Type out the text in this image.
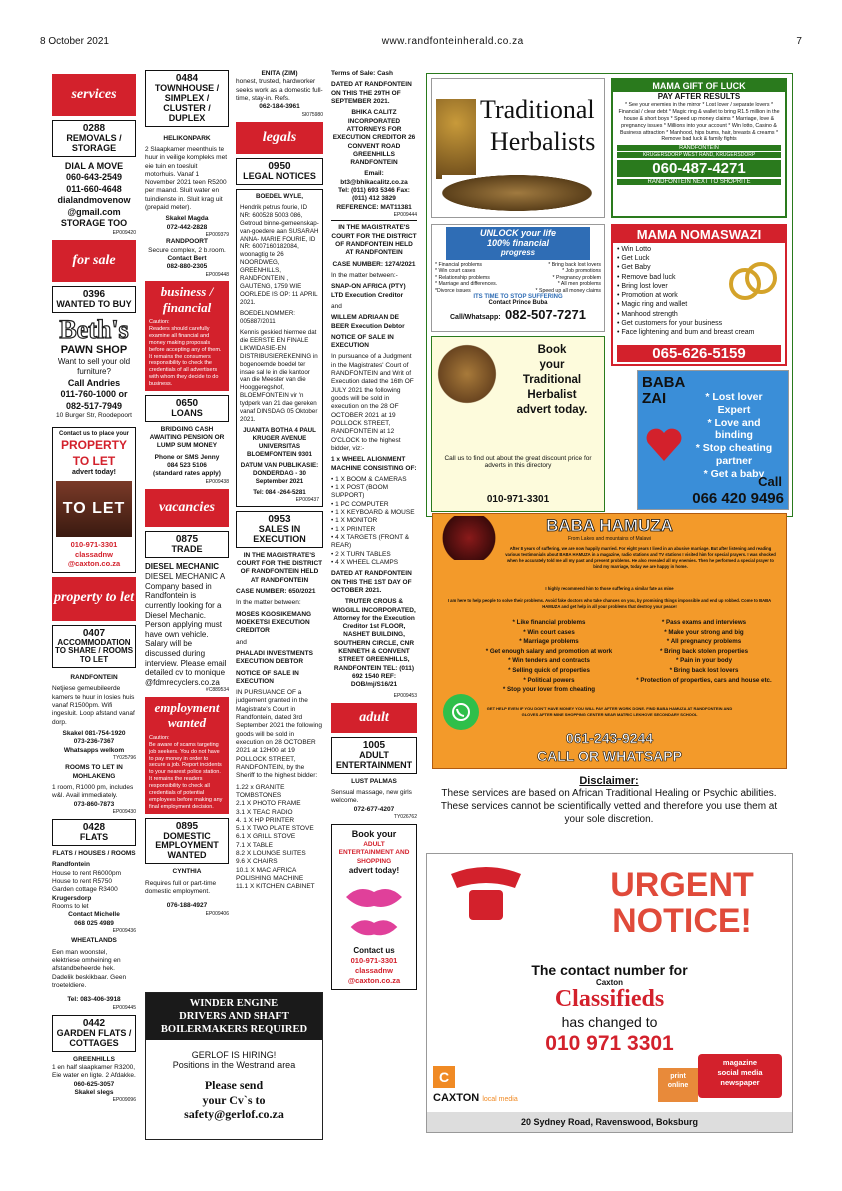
8 October 2021	www.randfonteinherald.co.za	7
services
0288
REMOVALS / STORAGE
DIAL A MOVE
060-643-2549
011-660-4648
dialandmovenow
@gmail.com
STORAGE TOO
EP009420
for sale
0396
WANTED TO BUY
Beth's
PAWN SHOP
Want to sell your old
furniture?
Call Andries
011-760-1000 or
082-517-7949
10 Burger Str, Roodepoort
Contact us to place your
PROPERTY
TO LET
advert today!
TO LET
010-971-3301
classadnw
@caxton.co.za
property to let
0407
ACCOMMODATION TO SHARE / ROOMS TO LET
RANDFONTEIN
Netjiese gemeubileerde kamers te huur in losies huis vanaf R1500pm. Wifi ingesluit. Loop afstand vanaf dorp.
Skakel 081-754-1920
073-236-7367
Whatsapps welkom
TY025796
ROOMS TO LET IN MOHLAKENG
1 room, R1000 pm, includes w&l. Avail immediately.
073-860-7873
EP009430
0428
FLATS
FLATS / HOUSES / ROOMS
Randfontein
House to rent R6000pm
House to rent R5750
Garden cottage R3400
Krugersdorp
Rooms to let
Contact Michelle
068 025 4989
EP009436
WHEATLANDS
Een man woonstel, elektriese omheining en afstandbeheerde hek. Dadelik beskikbaar. Geen troeteldiere.
Tel: 083-406-3918
EP009445
0442
GARDEN FLATS / COTTAGES
GREENHILLS
1 en half slaapkamer R3200, Eie water en ligte. 2 Afdakke.
060-625-3057
Skakel slegs
EP009096
0484
TOWNHOUSE / SIMPLEX / CLUSTER / DUPLEX
HELIKONPARK
2 Slaapkamer meenthuis te huur in veilige kompleks met eie tuin en toesluit motorhuis. Vanaf 1 November 2021 teen R5200 per maand. Sluit water en tuindienste in. Sluit krag uit (prepaid meter).
Skakel Magda
072-442-2828
EP009379
RANDPOORT
Secure complex, 2 b.room.
Contact Bert
082-880-2305
EP009448
business / financial
Caution:
Readers should carefully examine all financial and money making proposals before accepting any of them. It remains the consumers responsibility to check the credentials of all advertisers with whom they decide to do business.
0650
LOANS
BRIDGING CASH AWAITING PENSION OR LUMP SUM MONEY
Phone or SMS Jenny
084 523 5106
(standard rates apply)
EP009438
vacancies
0875
TRADE
DIESEL MECHANIC
DIESEL MECHANIC A Company based in Randfontein is currently looking for a Diesel Mechanic. Person applying must have own vehicle. Salary will be discussed during interview. Please email detailed cv to monique @fdmrecyclers.co.za
#C889534
employment wanted
Caution:
Be aware of scams targeting job seekers. You do not have to pay money in order to secure a job. Report incidents to your nearest police station. It remains the readers responsibility to check all credentials of potential employees before making any final employment decision.
0895
DOMESTIC EMPLOYMENT WANTED
CYNTHIA
Requires full or part-time domestic employment.
076-188-4927
EP009406
ENITA (ZIM)
honest, trusted, hardworker seeks work as a domestic full-time, stay-in. Refs.
062-184-3961
SI075980
legals
0950
LEGAL NOTICES
BOEDEL WYLE,
Hendrik petrus fourie, ID NR: 600528 5003 086, Getroud binne-gemeenskap-van-goedere aan SUSARAH ANNA- MARIE FOURIE, ID NR: 6007160182084, woonagtig te 26 NOORDWEG, GREENHILLS, RANDFONTEIN , GAUTENG, 1759 WIE OORLEDE IS OP: 11 APRIL 2021.
BOEDELNOMMER: 005887/2011
Kennis geskied hiermee dat die EERSTE EN FINALE LIKWIDASIE-EN DISTRIBUSIEREKENING in bogenoemde boedel ter insae sal le in die kantoor van die Meester van die Hooggeregshof, BLOEMFONTEIN vir 'n tydperk van 21 dae gereken vanaf DINSDAG 05 Oktober 2021.
JUANITA BOTHA 4 PAUL KRUGER AVENUE UNIVERSITAS BLOEMFONTEIN 9301
DATUM VAN PUBLIKASIE: DONDERDAG - 30 September 2021
Tel: 084 -264-5281
EP009437
0953
SALES IN EXECUTION
IN THE MAGISTRATE'S COURT FOR THE DISTRICT OF RANDFONTEIN HELD AT RANDFONTEIN
CASE NUMBER: 650/2021
In the matter between:
MOSES KGOSIKEMANG MOEKETSI EXECUTION CREDITOR
and
PHALADI INVESTMENTS EXECUTION DEBTOR
NOTICE OF SALE IN EXECUTION
IN PURSUANCE OF a judgement granted in the Magistrate's Court in Randfontein, dated 3rd September 2021 the following goods will be sold in execution on 28 OCTOBER 2021 at 12H00 at 19 POLLOCK STREET, RANDFONTEIN, by the Sheriff to the highest bidder:
1.22 x GRANITE TOMBSTONES
2.1 X PHOTO FRAME
3.1 X TEAC RADIO
4. 1 X HP PRINTER
5.1 X TWO PLATE STOVE
6.1 X GRILL STOVE
7.1 X TABLE
8.2 X LOUNGE SUITES
9.6 X CHAIRS
10.1 X MAC AFRICA POLISHING MACHINE
11.1 X KITCHEN CABINET
Terms of Sale: Cash
DATED AT RANDFONTEIN ON THIS THE 29TH OF SEPTEMBER 2021.
BHIKA CALITZ INCORPORATED ATTORNEYS FOR EXECUTION CREDITOR 26 CONVENT ROAD GREENHILLS RANDFONTEIN
Email: bt3@bhikacalitz.co.za
Tel: (011) 693 5346 Fax: (011) 412 3829
REFERENCE: MAT11381
EP009444
IN THE MAGISTRATE'S COURT FOR THE DISTRICT OF RANDFONTEIN HELD AT RANDFONTEIN
CASE NUMBER: 1274/2021
In the matter between:-
SNAP-ON AFRICA (PTY) LTD Execution Creditor
and
WILLEM ADRIAAN DE BEER Execution Debtor
NOTICE OF SALE IN EXECUTION
In pursuance of a Judgment in the Magistrates' Court of RANDFONTEIN and Writ of Execution dated the 16th OF JULY 2021 the following goods will be sold in execution on the 28 OF OCTOBER 2021 at 19 POLLOCK STREET, RANDFONTEIN at 12 O'CLOCK to the highest bidder, viz:-
1 x WHEEL ALIGNMENT MACHINE CONSISTING OF:
• 1 X BOOM & CAMERAS
• 1 X POST (BOOM SUPPORT)
• 1 PC COMPUTER
• 1 X KEYBOARD & MOUSE
• 1 X MONITOR
• 1 X PRINTER
• 4 X TARGETS (FRONT & REAR)
• 2 X TURN TABLES
• 4 X WHEEL CLAMPS
DATED AT RANDFONTEIN ON THIS THE 1ST DAY OF OCTOBER 2021.
TRUTER CROUS & WIGGILL INCORPORATED, Attorney for the Execution Creditor 1st FLOOR, NASHET BUILDING, SOUTHERN CIRCLE, CNR KENNETH & CONVENT STREET GREENHILLS, RANDFONTEIN TEL: (011) 692 1540 REF: DOB/mj/S16/21
EP009453
adult
1005
ADULT ENTERTAINMENT
LUST PALMAS
Sensual massage, new girls welcome.
072-677-4207
TY026762
Book your
ADULT ENTERTAINMENT AND SHOPPING
advert today!
Contact us
010-971-3301
classadnw
@caxton.co.za
WINDER ENGINE
DRIVERS AND SHAFT
BOILERMAKERS REQUIRED
GERLOF IS HIRING!
Positions in the Westrand area
Please send
your Cv`s to
safety@gerlof.co.za
Traditional
Herbalists
MAMA GIFT OF LUCK
PAY AFTER RESULTS
* See your enemies in the mirror * Lost lover / separate lovers * Financial / clear debt * Magic ring & wallet to bring R1.5 million in the house & short boys * Speed up money claims * Marriage, love & pregnancy issues * Millions into your account * Win lotto, Casino & Business attraction * Manhood, hips bums, hair, breasts & creams * Remove bad luck & family fights
RANDFONTEIN
KRUGERSDORP WEST RAND, KRUGERSDORP
060-487-4271
RANDFONTEIN NEXT TO SHOPRITE
UNLOCK your life
100% financial
progress
* Financial problems
* Win court cases
* Relationship problems
* Marriage and differences.
*Divorce issues
* Bring back lost lovers
* Job promotions
* Pregnancy problem
* All men problems
* Speed up all money claims
ITS TIME TO STOP SUFFERING
Contact Prince Buba
Call/Whatsapp: 082-507-7271
MAMA NOMASWAZI
• Win Lotto
• Get Luck
• Get Baby
• Remove bad luck
• Bring lost lover
• Promotion at work
• Magic ring and wallet
• Manhood strength
• Get customers for your business
• Face lightening and bum and breast cream
065-626-5159
Book
your
Traditional
Herbalist
advert today.
Call us to find out about the great discount price for adverts in this directory
010-971-3301
BABA
ZAI	* Lost lover
Expert
* Love and
binding
* Stop cheating
partner
* Get a baby
Call
066 420 9496
BABA HAMUZA
From Lakes and mountains of Malawi
After 8 years of suffering, we are now happily married. For eight years I lived in an abusive marriage. But after listening and reading various testimonials about BABA HAMUZA in a magazine, radio stations and TV stations I visited him for special prayers. I was shocked when he accurately told me all my past and present problems. He also revealed all my enemies. Then he performed a special prayer to bind my marriage, today we are happy in home.
I highly recommend him to those suffering a similar fate as mine
I am here to help people to solve their problems. Avoid fake doctors who take chances on you, by promising things impossible and end up robbed. Come to BABA HAMUZA and get help in all your problems that destroy your peace!
* Like financial problems
* Win court cases
* Marriage problems
* Get enough salary and promotion at work
* Win tenders and contracts
* Selling quick of properties
* Political powers
* Stop your lover from cheating
* Pass exams and interviews
* Make your strong and big
* All pregnancy problems
* Bring back stolen properties
* Pain in your body
* Bring back lost lovers
* Protection of properties, cars and house etc.
GET HELP EVEN IF YOU DON'T HAVE MONEY YOU WILL PAY AFTER WORK DONE. FIND BABA HAMUZA AT RANDFONTEIN AND GLOVES AFTER MINE SHOPPING CENTER NEAR MATRIC LEKHOVE SECONDARY SCHOOL
061-243-9244
CALL OR WHATSAPP
Disclaimer:
These services are based on African Traditional Healing or Psychic abilities. These services cannot be scientifically vetted and therefore you use them at your sole discretion.
URGENT
NOTICE!
The contact number for
Caxton
Classifieds
has changed to
010 971 3301
magazine
social media
newspaper
print
online
C
CAXTON local media
20 Sydney Road, Ravenswood, Boksburg
